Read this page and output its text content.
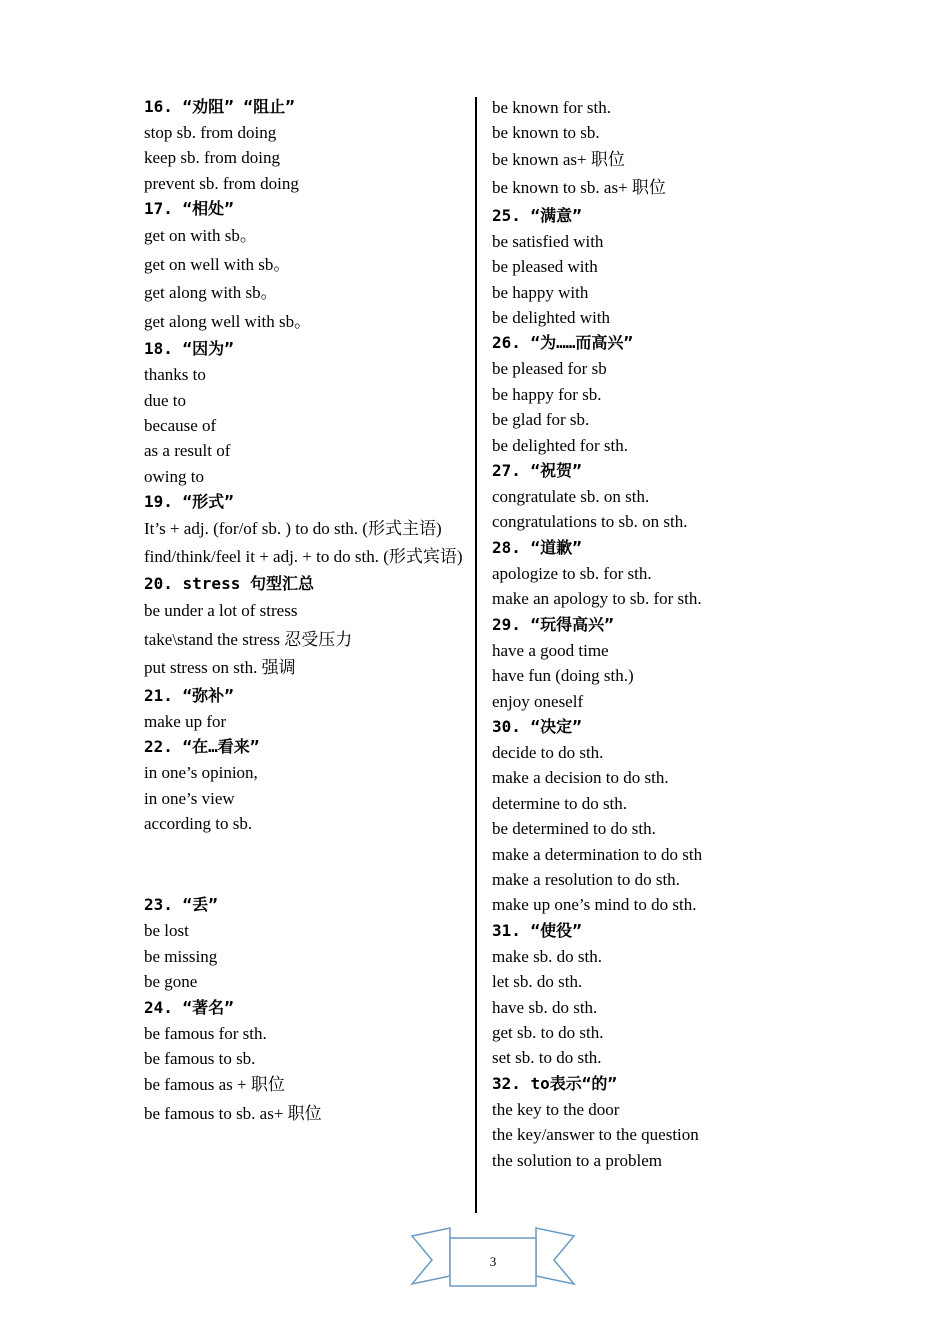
16. “劝阻” “阻止”
stop sb. from doing
keep sb. from doing
prevent sb. from doing
17. “相处”
get on with sb。
get on well with sb。
get along with sb。
get along well with sb。
18. “因为”
thanks to
due to
because of
as a result of
owing to
19. “形式”
It’s + adj. (for/of sb. ) to do sth. (形式主语)
find/think/feel it + adj. + to do sth. (形式宾语)
20. stress 句型汇总
be under a lot of stress
take\stand the stress 忍受压力
put stress on sth. 强调
21. “弥补”
make up for
22. “在…看来”
in one’s opinion,
in one’s view
according to sb.
23. “丢”
be lost
be missing
be gone
24. “著名”
be famous for sth.
be famous to sb.
be famous as + 职位
be famous to sb. as+ 职位
be known for sth.
be known to sb.
be known as+ 职位
be known to sb. as+ 职位
25. “满意”
be satisfied with
be pleased with
be happy with
be delighted with
26. “为……而高兴”
be pleased for sb
be happy for sb.
be glad for sb.
be delighted for sth.
27. “祝贺”
congratulate sb. on sth.
congratulations to sb. on sth.
28. “道歉”
apologize to sb. for sth.
make an apology to sb. for sth.
29. “玩得高兴”
have a good time
have fun (doing sth.)
enjoy oneself
30. “决定”
decide to do sth.
make a decision to do sth.
determine to do sth.
be determined to do sth.
make a determination to do sth
make a resolution to do sth.
make up one’s mind to do sth.
31. “使役”
make sb. do sth.
let sb. do sth.
have sb. do sth.
get sb. to do sth.
set sb. to do sth.
32. to表示“的”
the key to the door
the key/answer to the question
the solution to a problem
3
